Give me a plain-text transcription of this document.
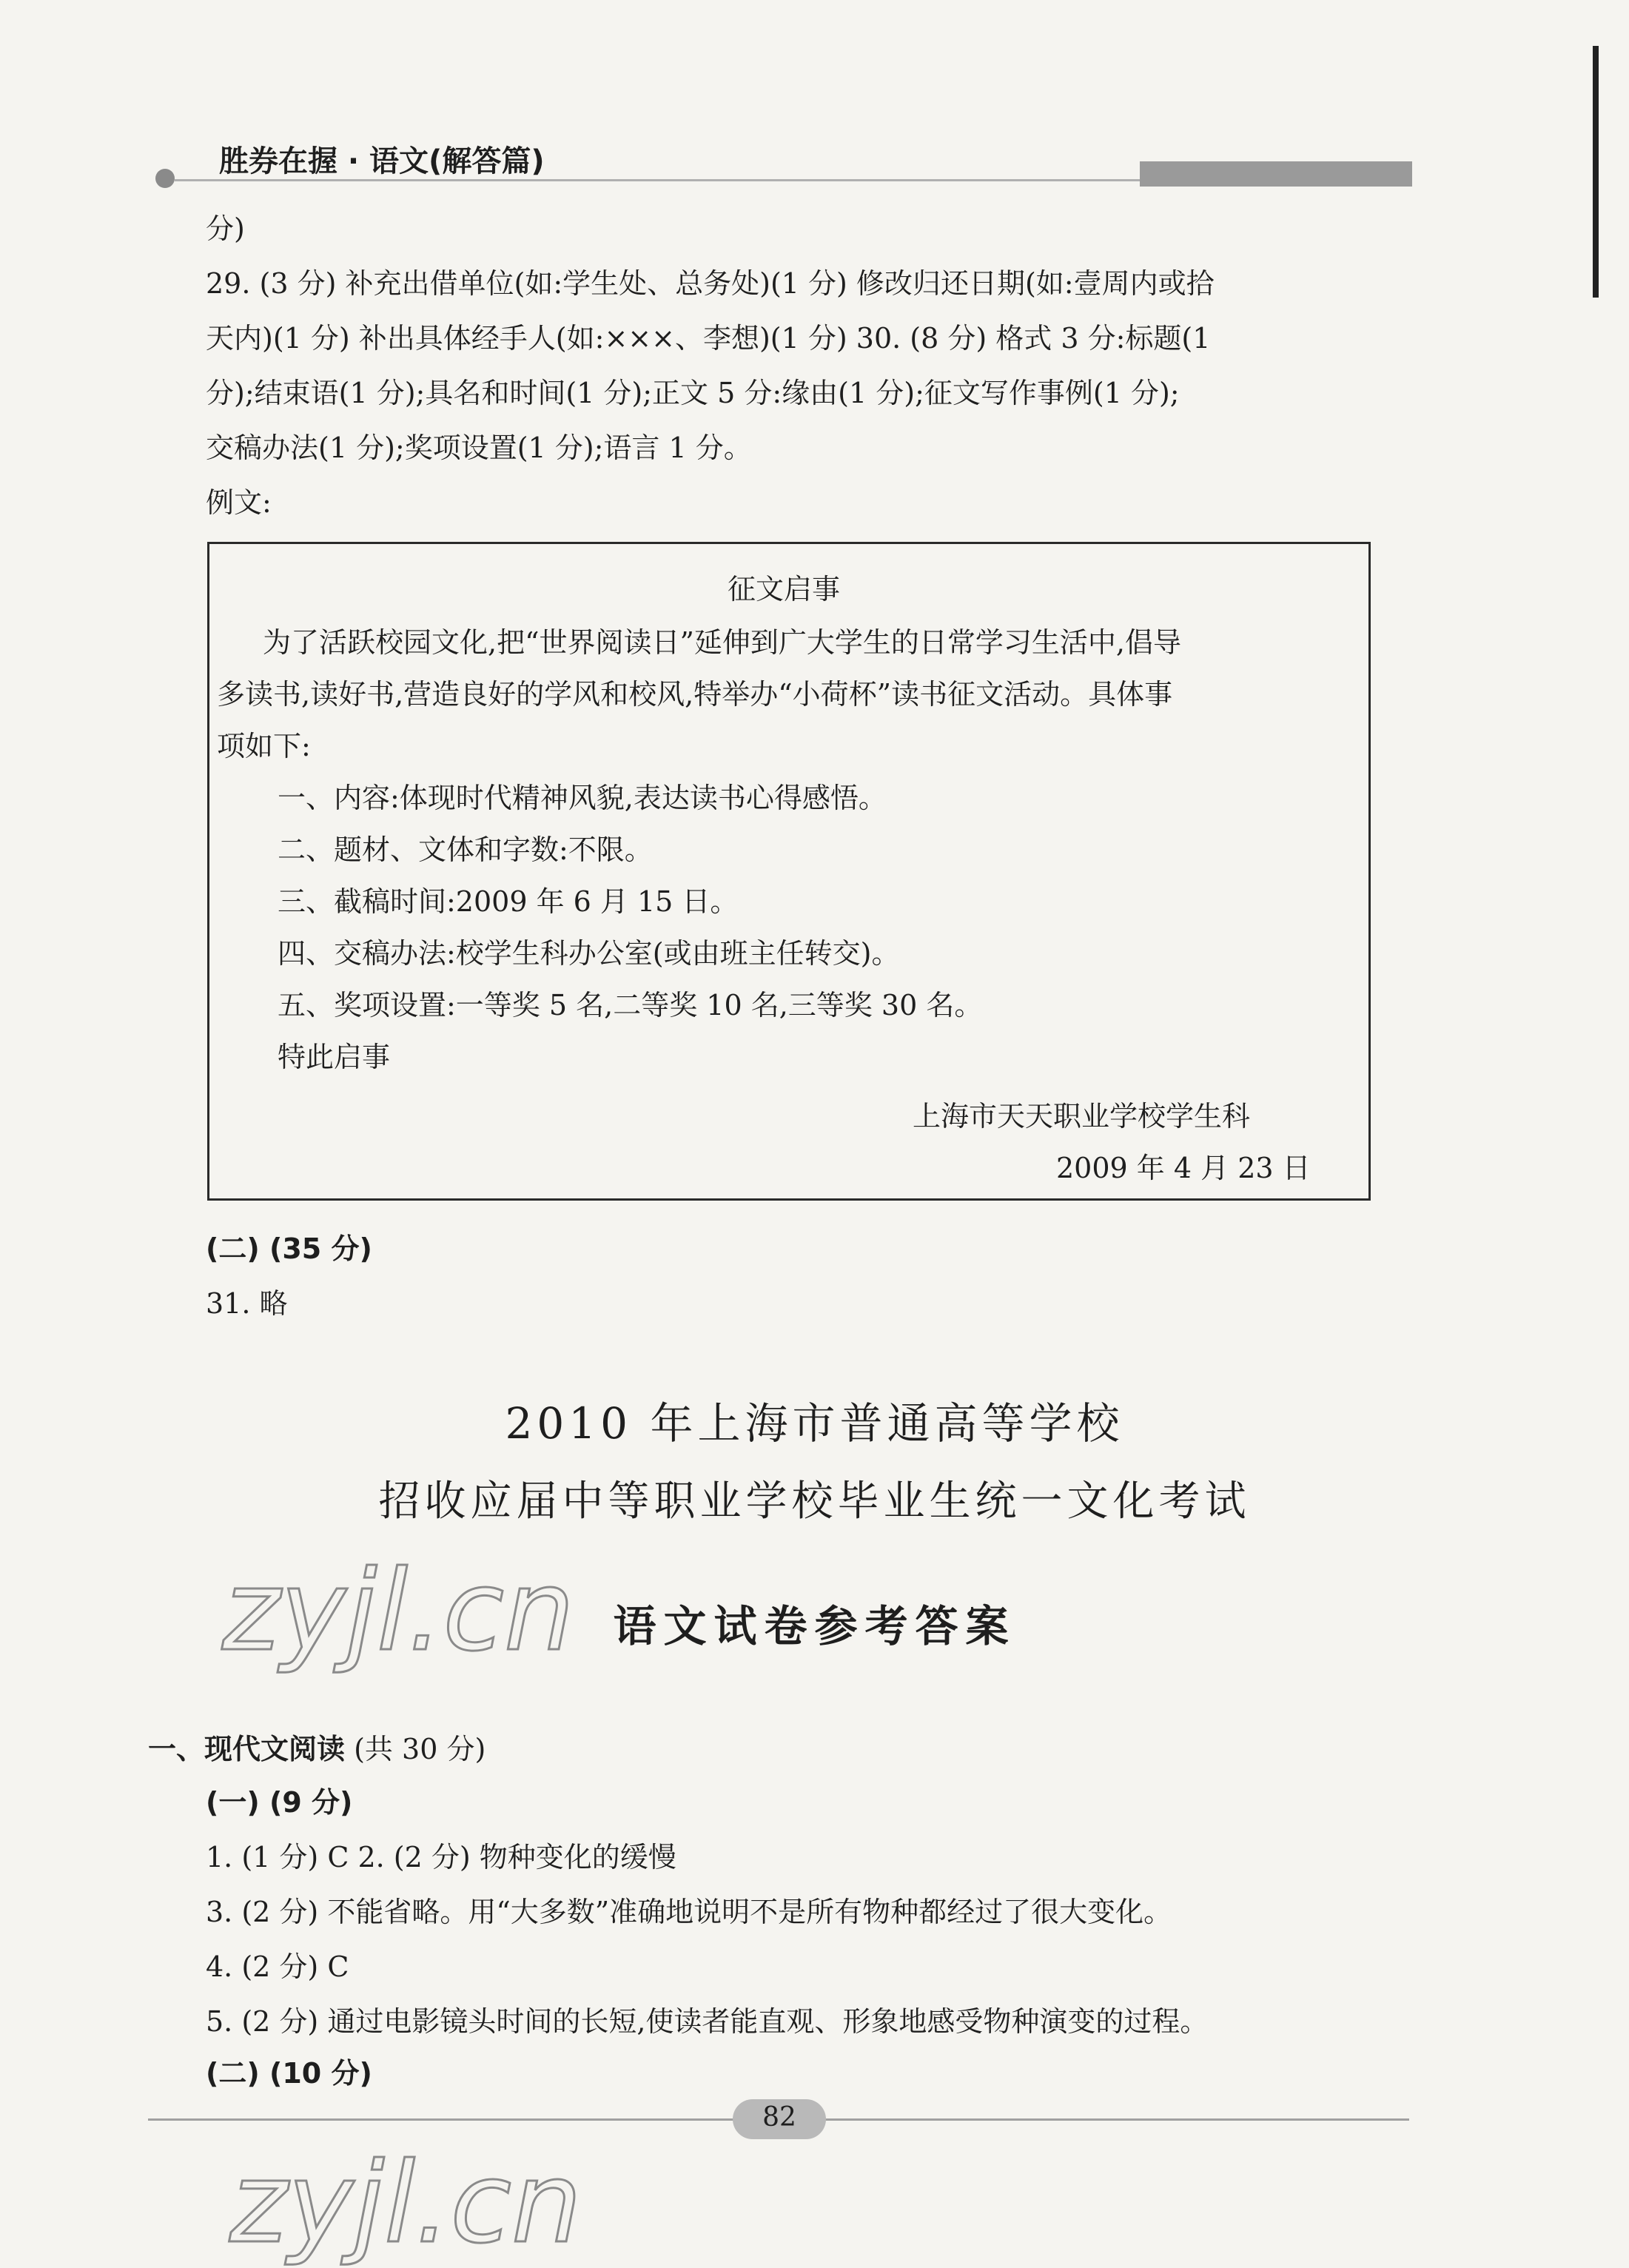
胜券在握 · 语文(解答篇)
分)
29. (3 分) 补充出借单位(如:学生处、总务处)(1 分) 修改归还日期(如:壹周内或拾
天内)(1 分) 补出具体经手人(如:×××、李想)(1 分) 30. (8 分) 格式 3 分:标题(1
分);结束语(1 分);具名和时间(1 分);正文 5 分:缘由(1 分);征文写作事例(1 分);
交稿办法(1 分);奖项设置(1 分);语言 1 分。
例文:
征文启事
为了活跃校园文化,把“世界阅读日”延伸到广大学生的日常学习生活中,倡导
多读书,读好书,营造良好的学风和校风,特举办“小荷杯”读书征文活动。具体事
项如下:
一、内容:体现时代精神风貌,表达读书心得感悟。
二、题材、文体和字数:不限。
三、截稿时间:2009 年 6 月 15 日。
四、交稿办法:校学生科办公室(或由班主任转交)。
五、奖项设置:一等奖 5 名,二等奖 10 名,三等奖 30 名。
特此启事
上海市天天职业学校学生科
2009 年 4 月 23 日
(二) (35 分)
31. 略
2010 年上海市普通高等学校
招收应届中等职业学校毕业生统一文化考试
语文试卷参考答案
zyjl.cn
zyjl.cn
一、现代文阅读 (共 30 分)
(一) (9 分)
1. (1 分) C 2. (2 分) 物种变化的缓慢
3. (2 分) 不能省略。用“大多数”准确地说明不是所有物种都经过了很大变化。
4. (2 分) C
5. (2 分) 通过电影镜头时间的长短,使读者能直观、形象地感受物种演变的过程。
(二) (10 分)
82
